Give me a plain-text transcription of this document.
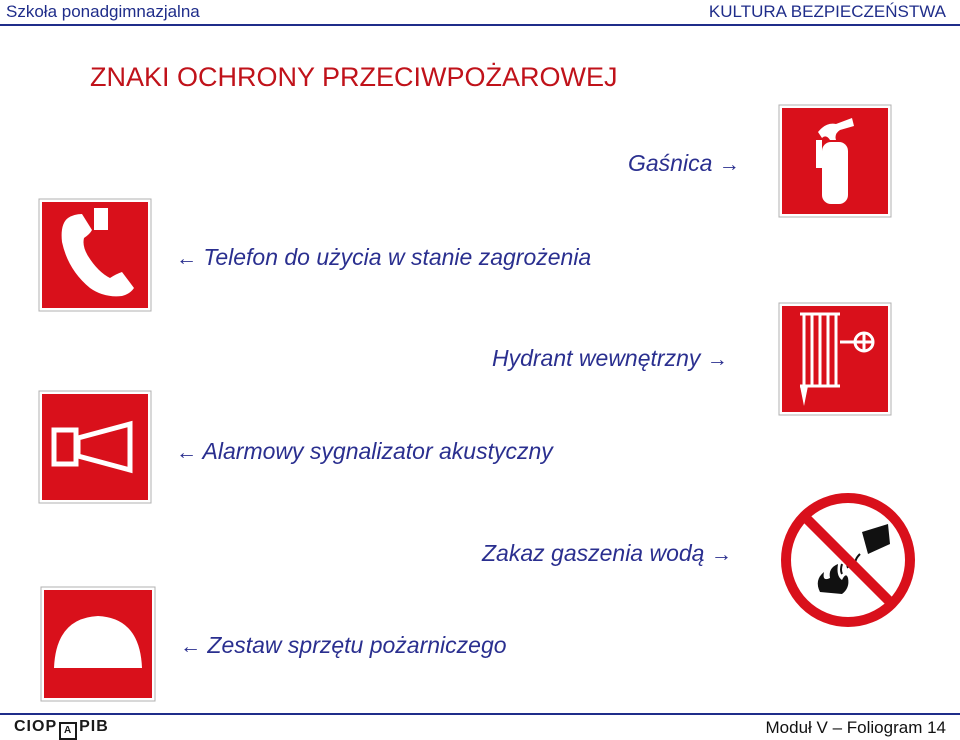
Szkoła ponadgimnazjalna	KULTURA BEZPIECZEŃSTWA
ZNAKI OCHRONY PRZECIWPOŻAROWEJ
Gaśnica →
← Telefon do użycia w stanie zagrożenia
Hydrant wewnętrzny →
← Alarmowy sygnalizator akustyczny
Zakaz gaszenia wodą →
← Zestaw sprzętu pożarniczego
CIOP A PIB	Moduł V – Foliogram 14
